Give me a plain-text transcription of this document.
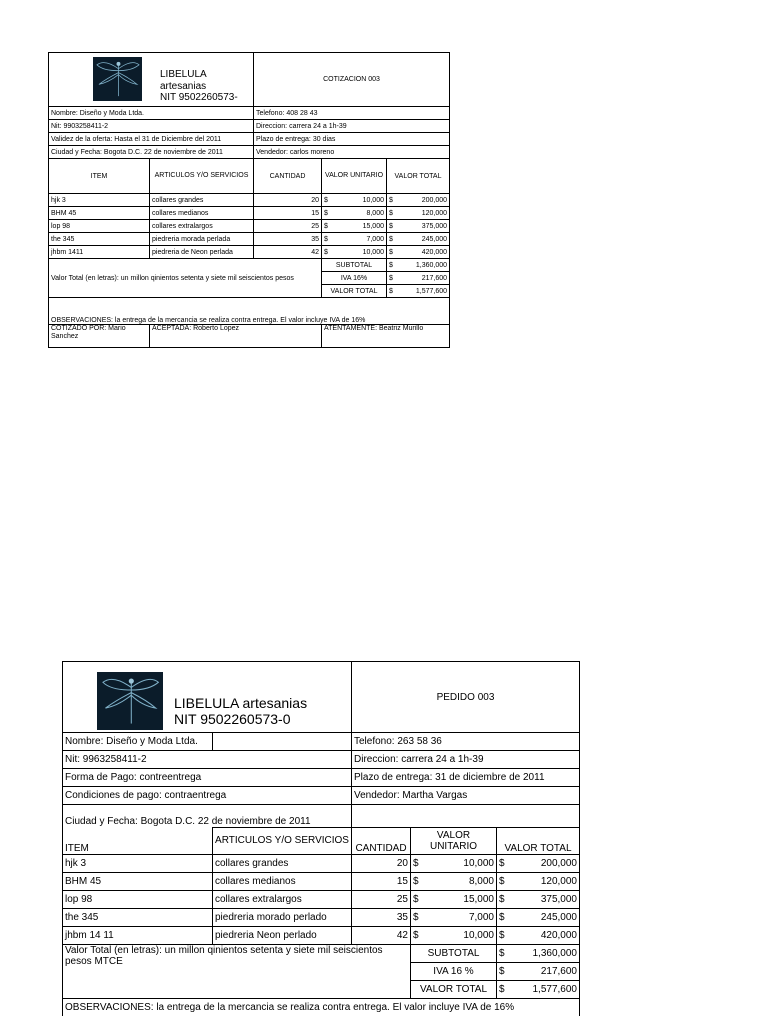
LIBELULA
artesanias
NIT 9502260573-		COTIZACION 003		
Nombre: Diseño y Moda Ltda.		Telefono: 408 28 43		
Nit: 9903258411-2		Direccion: carrera 24 a 1h-39		
Validez de la oferta: Hasta el 31 de Diciembre del 2011		Plazo de entrega: 30 dias		
Ciudad y Fecha: Bogota D.C. 22 de noviembre de 2011		Vendedor: carlos moreno		
ITEM	ARTICULOS Y/O SERVICIOS	CANTIDAD	VALOR UNITARIO	VALOR TOTAL
hjk 3	collares grandes	20	$ 10,000	$ 200,000

BHM 45	collares medianos	15	$ 8,000	$ 120,000

lop 98	collares extralargos	25	$ 15,000	$ 375,000

the 345	piedreria morada perlada	35	$ 7,000	$ 245,000

jhbm 1411	piedreria de Neon perlada	42	$ 10,000	$ 420,000

Valor Total (en letras): un millon qinientos setenta y siete mil seiscientos pesos			SUBTOTAL	$ 1,360,000

			IVA 16%	$ 217,600

			VALOR TOTAL	$ 1,577,600

OBSERVACIONES: la entrega de la mercancia se realiza contra entrega. El valor incluye IVA de 16%				
COTIZADO POR: Mario Sanchez	ACEPTADA: Roberto Lopez		ATENTAMENTE: Beatriz Murillo	
LIBELULA artesanias
NIT 9502260573-0		PEDIDO 003		
Nombre: Diseño y Moda Ltda.		Telefono: 263 58 36		
Nit: 9963258411-2		Direccion: carrera 24 a 1h-39		
Forma de Pago: contreentrega		Plazo de entrega: 31 de diciembre de 2011		
Condiciones de pago: contraentrega		Vendedor: Martha Vargas		
Ciudad y Fecha: Bogota D.C. 22 de noviembre de 2011				
ITEM	ARTICULOS Y/O SERVICIOS	CANTIDAD	VALOR UNITARIO	VALOR TOTAL
hjk 3	collares grandes	20	$ 10,000	$ 200,000

BHM 45	collares medianos	15	$ 8,000	$ 120,000

lop 98	collares extralargos	25	$ 15,000	$ 375,000

the 345	piedreria morado perlado	35	$ 7,000	$ 245,000

jhbm 14 11	piedreria Neon perlado	42	$ 10,000	$ 420,000

Valor Total (en letras): un millon qinientos setenta y siete mil seiscientos pesos MTCE			SUBTOTAL	$ 1,360,000

			IVA 16 %	$ 217,600

			VALOR TOTAL	$ 1,577,600

OBSERVACIONES: la entrega de la mercancia se realiza contra entrega. El valor incluye IVA de 16%				
